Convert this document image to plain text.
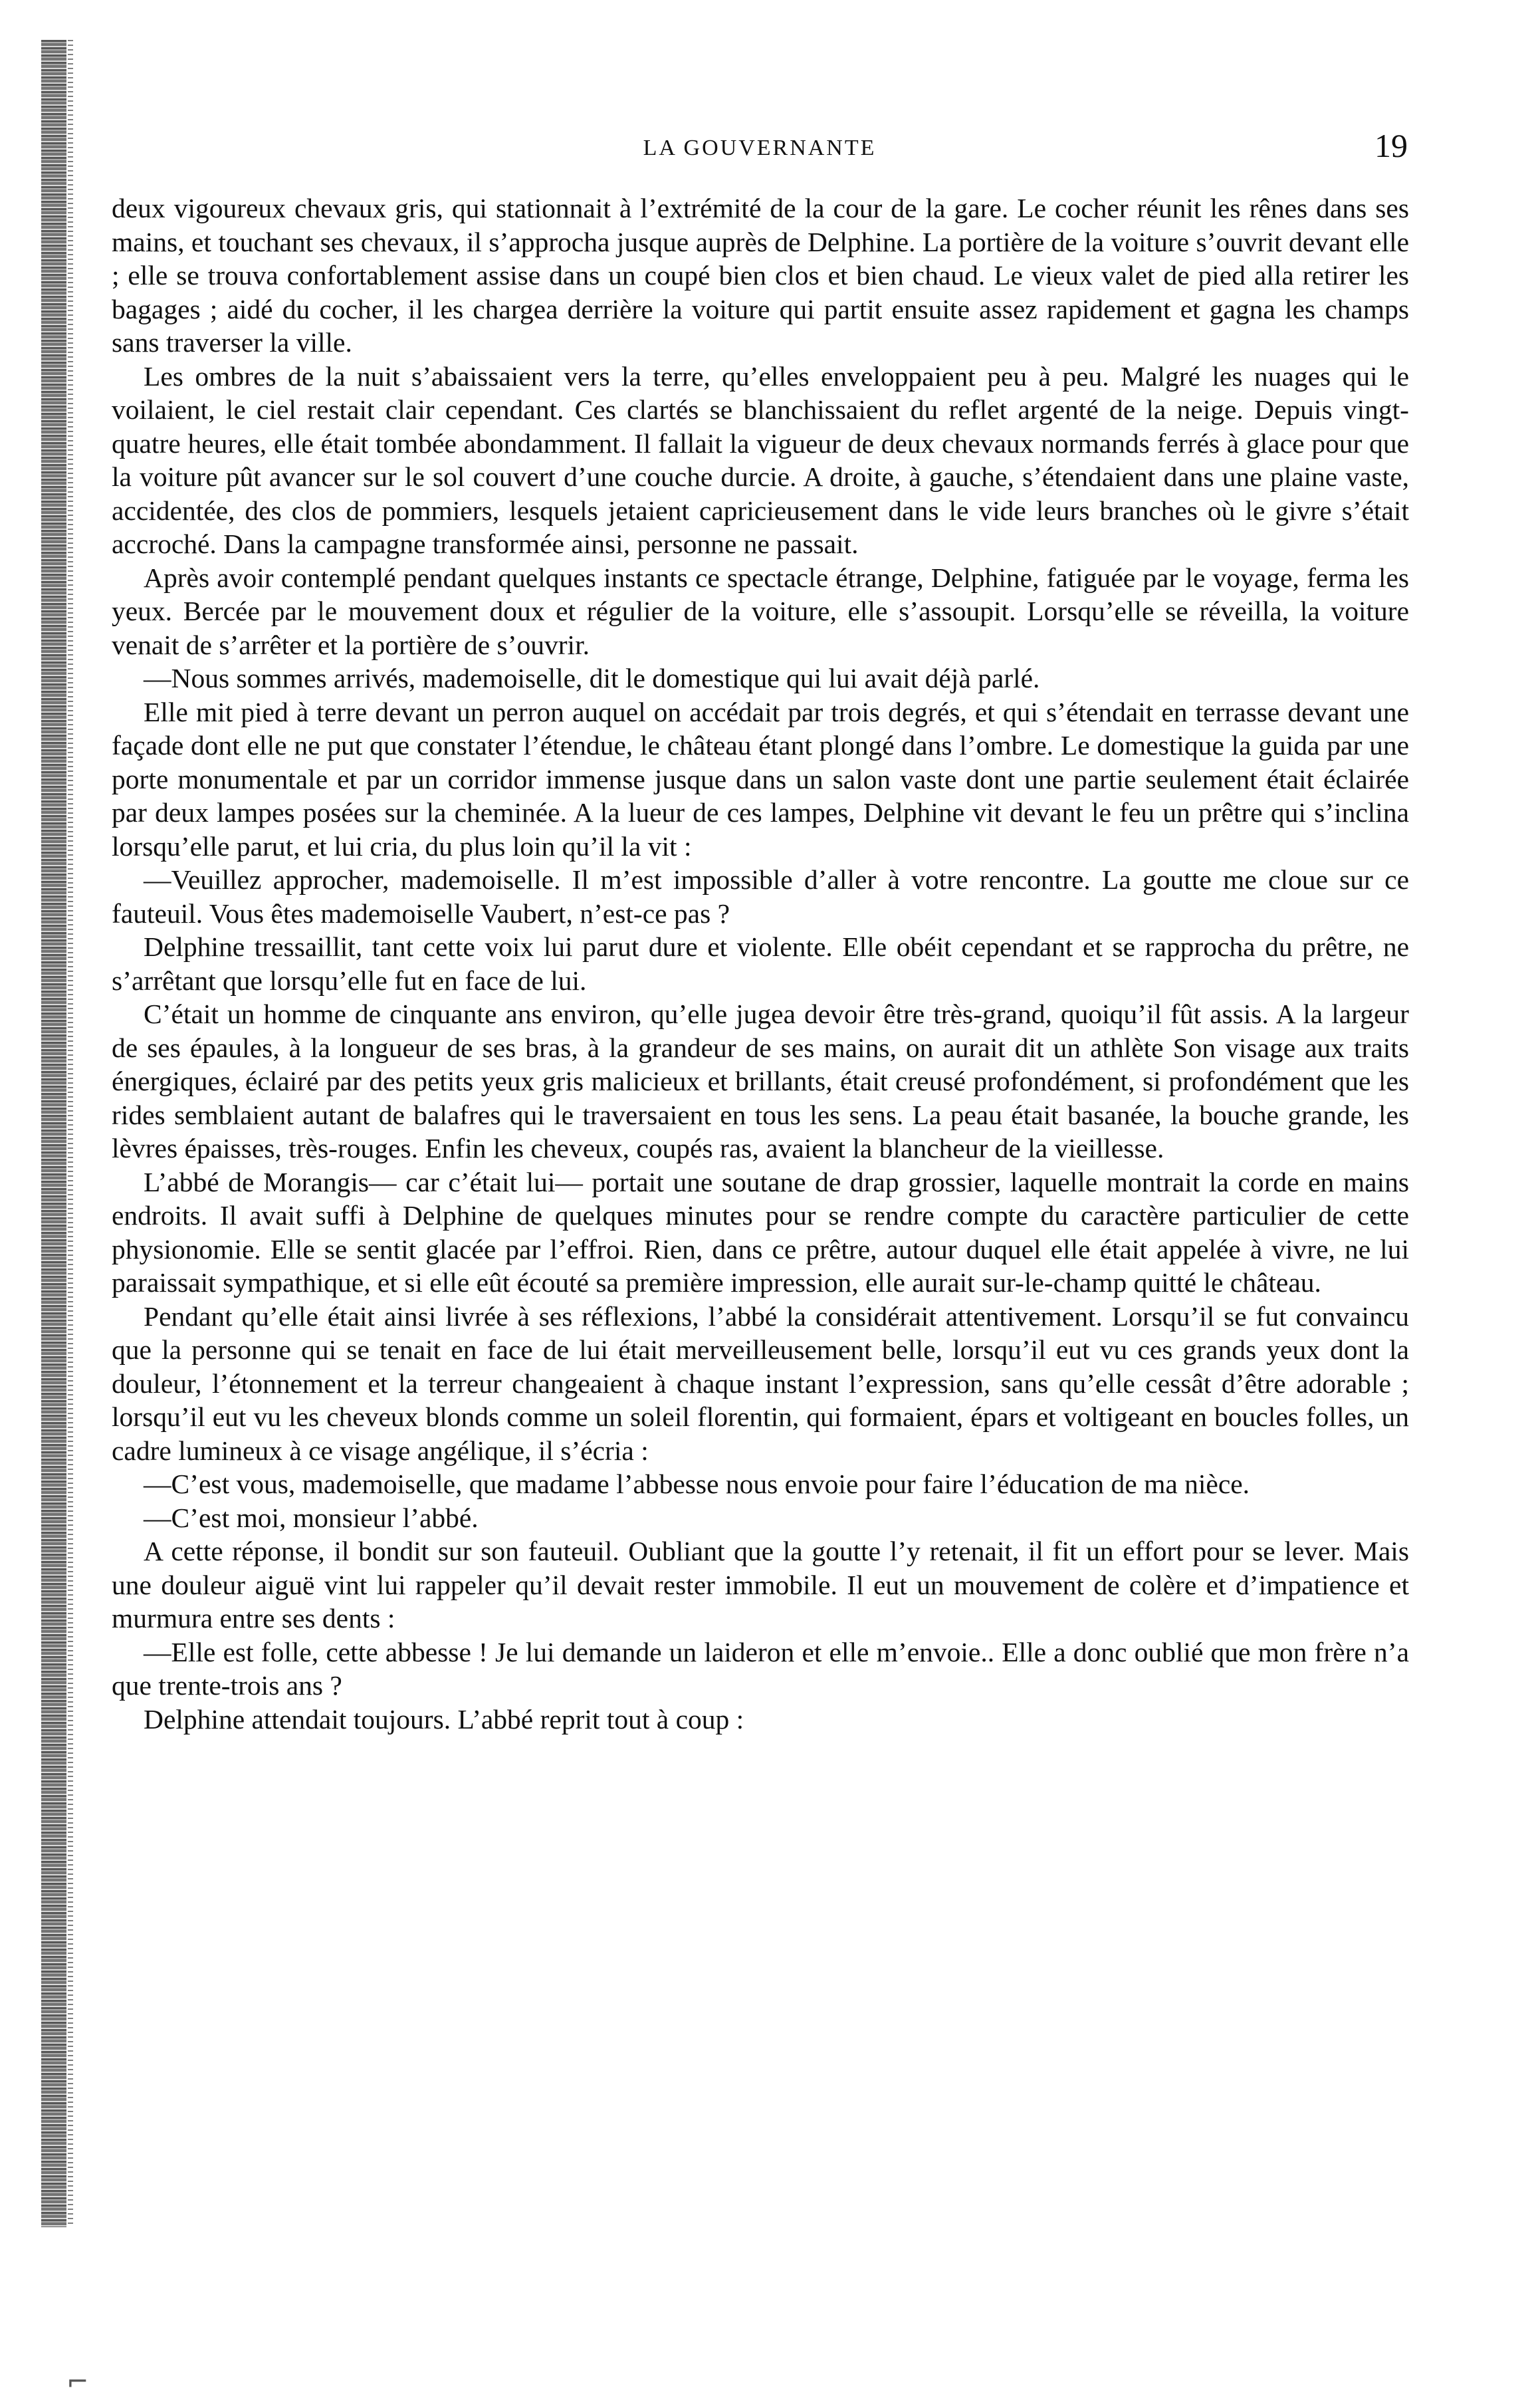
LA GOUVERNANTE	19

deux vigoureux chevaux gris, qui stationnait à l’extrémité de la cour de la gare. Le cocher réunit les rênes dans ses mains, et touchant ses chevaux, il s’approcha jusque auprès de Delphine. La portière de la voiture s’ouvrit devant elle ; elle se trouva confortablement assise dans un coupé bien clos et bien chaud. Le vieux valet de pied alla retirer les bagages ; aidé du cocher, il les chargea derrière la voiture qui partit ensuite assez rapidement et gagna les champs sans traverser la ville.

Les ombres de la nuit s’abaissaient vers la terre, qu’elles enveloppaient peu à peu. Malgré les nuages qui le voilaient, le ciel restait clair cependant. Ces clartés se blanchissaient du reflet argenté de la neige. Depuis vingt-quatre heures, elle était tombée abondamment. Il fallait la vigueur de deux chevaux normands ferrés à glace pour que la voiture pût avancer sur le sol couvert d’une couche durcie. A droite, à gauche, s’étendaient dans une plaine vaste, accidentée, des clos de pommiers, lesquels jetaient capricieusement dans le vide leurs branches où le givre s’était accroché. Dans la campagne transformée ainsi, personne ne passait.

Après avoir contemplé pendant quelques instants ce spectacle étrange, Delphine, fatiguée par le voyage, ferma les yeux. Bercée par le mouvement doux et régulier de la voiture, elle s’assoupit. Lorsqu’elle se réveilla, la voiture venait de s’arrêter et la portière de s’ouvrir.

—Nous sommes arrivés, mademoiselle, dit le domestique qui lui avait déjà parlé.

Elle mit pied à terre devant un perron auquel on accédait par trois degrés, et qui s’étendait en terrasse devant une façade dont elle ne put que constater l’étendue, le château étant plongé dans l’ombre. Le domestique la guida par une porte monumentale et par un corridor immense jusque dans un salon vaste dont une partie seulement était éclairée par deux lampes posées sur la cheminée. A la lueur de ces lampes, Delphine vit devant le feu un prêtre qui s’inclina lorsqu’elle parut, et lui cria, du plus loin qu’il la vit :

—Veuillez approcher, mademoiselle. Il m’est impossible d’aller à votre rencontre. La goutte me cloue sur ce fauteuil. Vous êtes mademoiselle Vaubert, n’est-ce pas ?

Delphine tressaillit, tant cette voix lui parut dure et violente. Elle obéit cependant et se rapprocha du prêtre, ne s’arrêtant que lorsqu’elle fut en face de lui.

C’était un homme de cinquante ans environ, qu’elle jugea devoir être très-grand, quoiqu’il fût assis. A la largeur de ses épaules, à la longueur de ses bras, à la grandeur de ses mains, on aurait dit un athlète Son visage aux traits énergiques, éclairé par des petits yeux gris malicieux et brillants, était creusé profondément, si profondément que les rides semblaient autant de balafres qui le traversaient en tous les sens. La peau était basanée, la bouche grande, les lèvres épaisses, très-rouges. Enfin les cheveux, coupés ras, avaient la blancheur de la vieillesse.

L’abbé de Morangis— car c’était lui— portait une soutane de drap grossier, laquelle montrait la corde en mains endroits. Il avait suffi à Delphine de quelques minutes pour se rendre compte du caractère particulier de cette physionomie. Elle se sentit glacée par l’effroi. Rien, dans ce prêtre, autour duquel elle était appelée à vivre, ne lui paraissait sympathique, et si elle eût écouté sa première impression, elle aurait sur-le-champ quitté le château.

Pendant qu’elle était ainsi livrée à ses réflexions, l’abbé la considérait attentivement. Lorsqu’il se fut convaincu que la personne qui se tenait en face de lui était merveilleusement belle, lorsqu’il eut vu ces grands yeux dont la douleur, l’étonnement et la terreur changeaient à chaque instant l’expression, sans qu’elle cessât d’être adorable ; lorsqu’il eut vu les cheveux blonds comme un soleil florentin, qui formaient, épars et voltigeant en boucles folles, un cadre lumineux à ce visage angélique, il s’écria :

—C’est vous, mademoiselle, que madame l’abbesse nous envoie pour faire l’éducation de ma nièce.

—C’est moi, monsieur l’abbé.

A cette réponse, il bondit sur son fauteuil. Oubliant que la goutte l’y retenait, il fit un effort pour se lever. Mais une douleur aiguë vint lui rappeler qu’il devait rester immobile. Il eut un mouvement de colère et d’impatience et murmura entre ses dents :

—Elle est folle, cette abbesse ! Je lui demande un laideron et elle m’envoie.. Elle a donc oublié que mon frère n’a que trente-trois ans ?

Delphine attendait toujours. L’abbé reprit tout à coup :

⌐
